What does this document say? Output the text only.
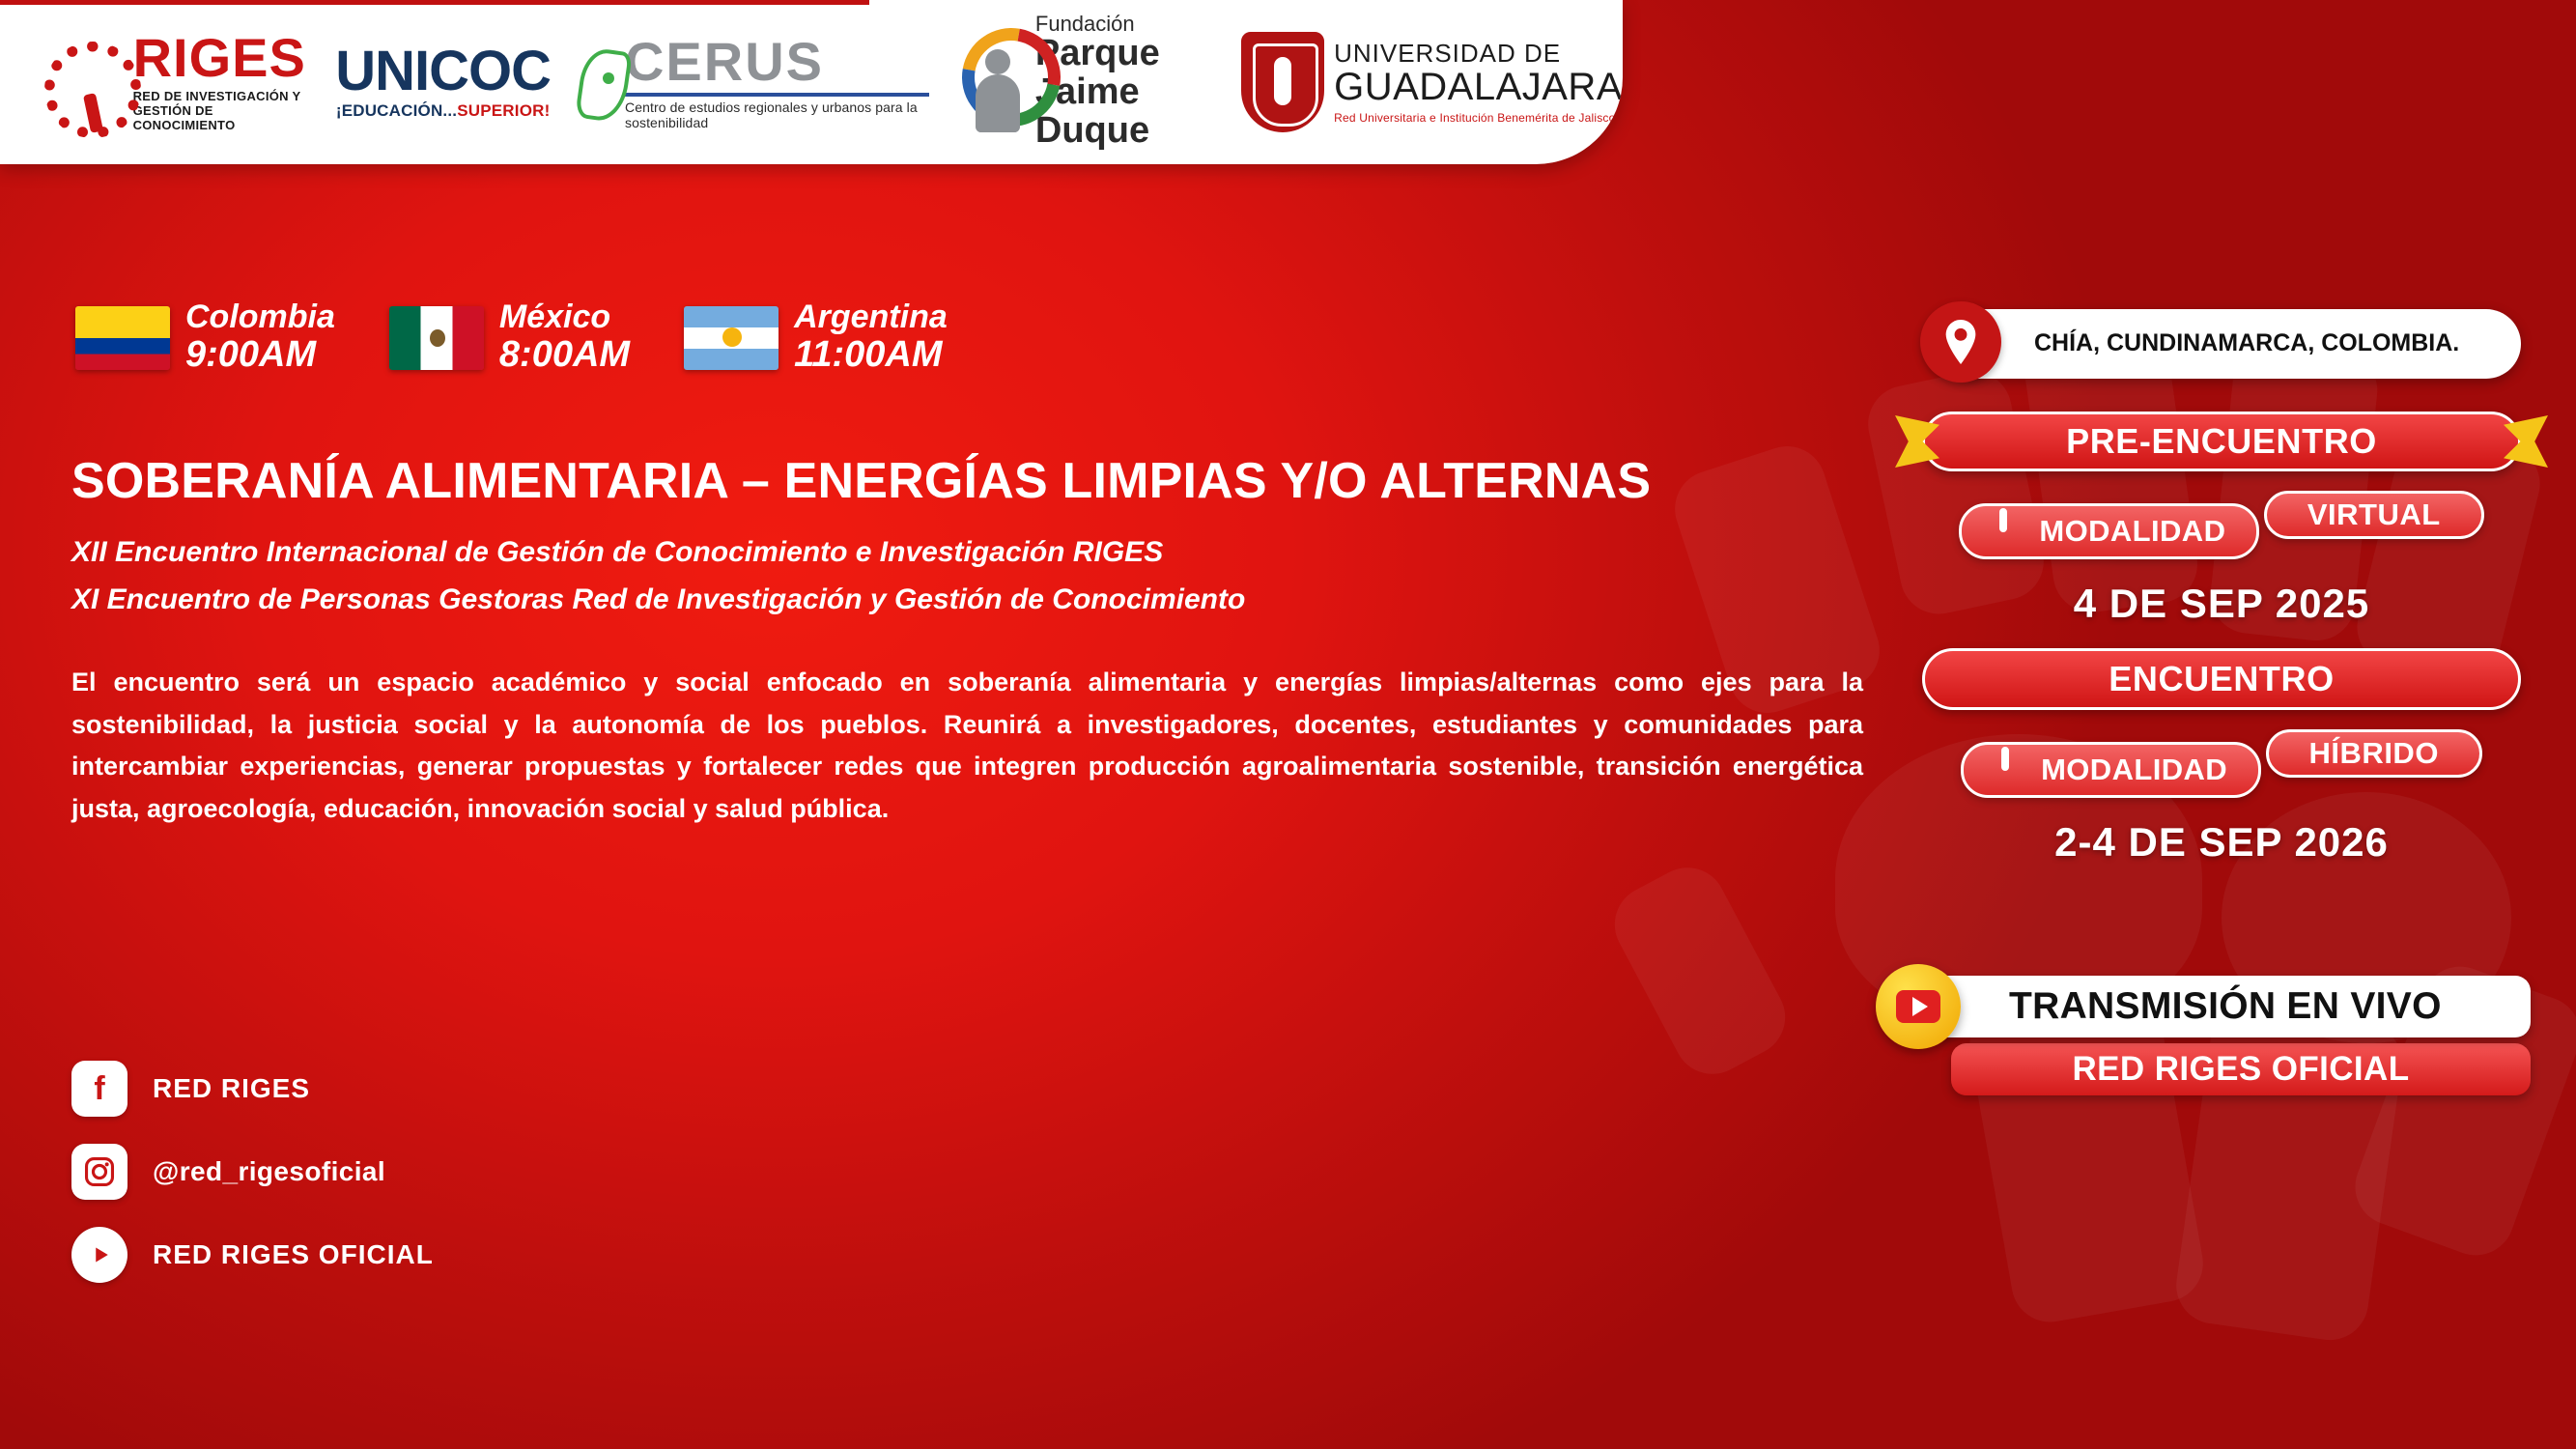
RIGES
RED DE INVESTIGACIÓN Y
GESTIÓN DE CONOCIMIENTO
UNICOC
¡EDUCACIÓN...SUPERIOR!
CERUS
Centro de estudios regionales y urbanos para la sostenibilidad
Fundación
Parque
Jaime Duque
UNIVERSIDAD DE
GUADALAJARA
Red Universitaria e Institución Benemérita de Jalisco
Colombia
9:00AM
México
8:00AM
Argentina
11:00AM
SOBERANÍA ALIMENTARIA – ENERGÍAS LIMPIAS Y/O ALTERNAS
XII Encuentro Internacional de Gestión de Conocimiento e Investigación RIGES
XI Encuentro de Personas Gestoras Red de Investigación y Gestión de Conocimiento
El encuentro será un espacio académico y social enfocado en soberanía alimentaria y energías limpias/alternas como ejes para la sostenibilidad, la justicia social y la autonomía de los pueblos. Reunirá a investigadores, docentes, estudiantes y comunidades para intercambiar experiencias, generar propuestas y fortalecer redes que integren producción agroalimentaria sostenible, transición energética justa, agroecología, educación, innovación social y salud pública.
f RED RIGES
@red_rigesoficial
RED RIGES OFICIAL
CHÍA, CUNDINAMARCA, COLOMBIA.
PRE-ENCUENTRO
MODALIDAD	VIRTUAL
4 DE SEP 2025
ENCUENTRO
MODALIDAD	HÍBRIDO
2-4 DE SEP 2026
TRANSMISIÓN EN VIVO
RED RIGES OFICIAL
